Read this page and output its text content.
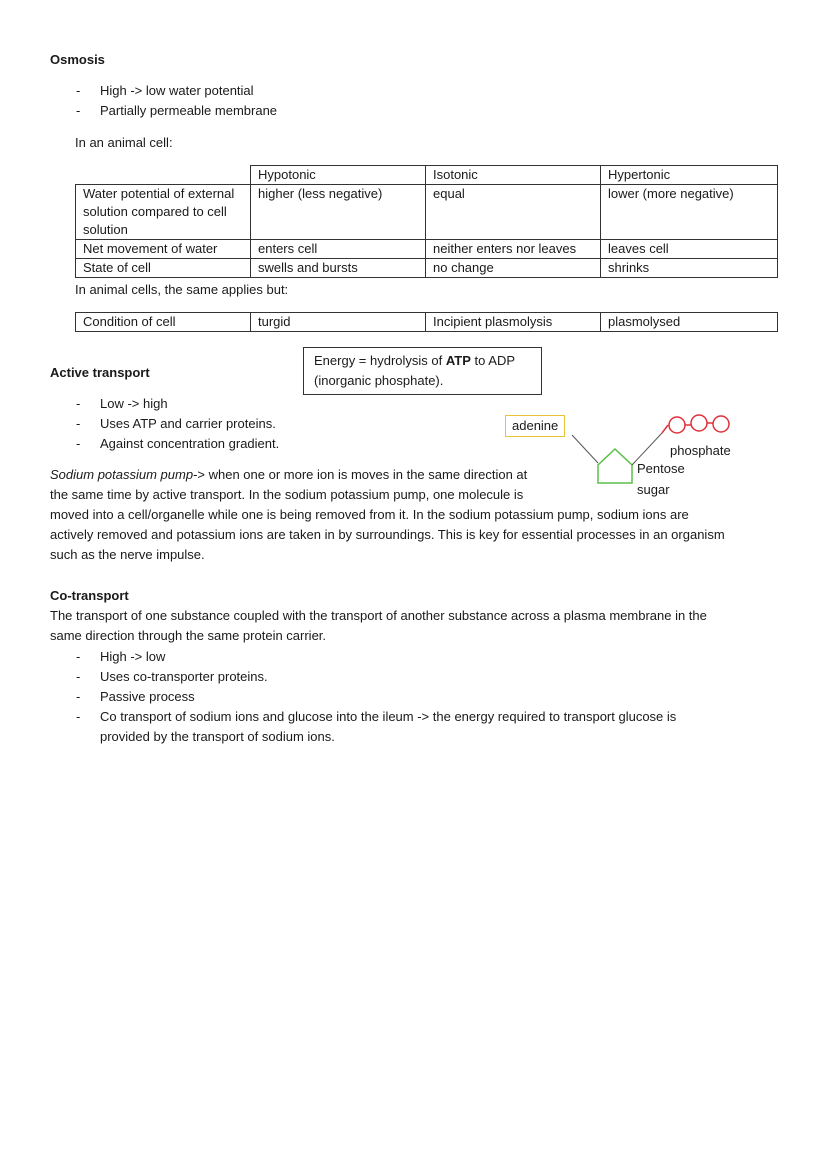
Osmosis
- High -> low water potential
- Partially permeable membrane
In an animal cell:
	Hypotonic	Isotonic	Hypertonic
Water potential of external solution compared to cell solution	higher (less negative)	equal	lower (more negative)
Net movement of water	enters cell	neither enters nor leaves	leaves cell
State of cell	swells and bursts	no change	shrinks
In animal cells, the same applies but:
Condition of cell	turgid	Incipient plasmolysis	plasmolysed
Active transport
Energy = hydrolysis of ATP to ADP
(inorganic phosphate).
- Low -> high
- Uses ATP and carrier proteins.
- Against concentration gradient.
adenine
phosphate
Pentose
sugar
Sodium potassium pump-> when one or more ion is moves in the same direction at
the same time by active transport. In the sodium potassium pump, one molecule is
moved into a cell/organelle while one is being removed from it. In the sodium potassium pump, sodium ions are
actively removed and potassium ions are taken in by surroundings. This is key for essential processes in an organism
such as the nerve impulse.
Co-transport
The transport of one substance coupled with the transport of another substance across a plasma membrane in the
same direction through the same protein carrier.
- High -> low
- Uses co-transporter proteins.
- Passive process
- Co transport of sodium ions and glucose into the ileum -> the energy required to transport glucose is
provided by the transport of sodium ions.
